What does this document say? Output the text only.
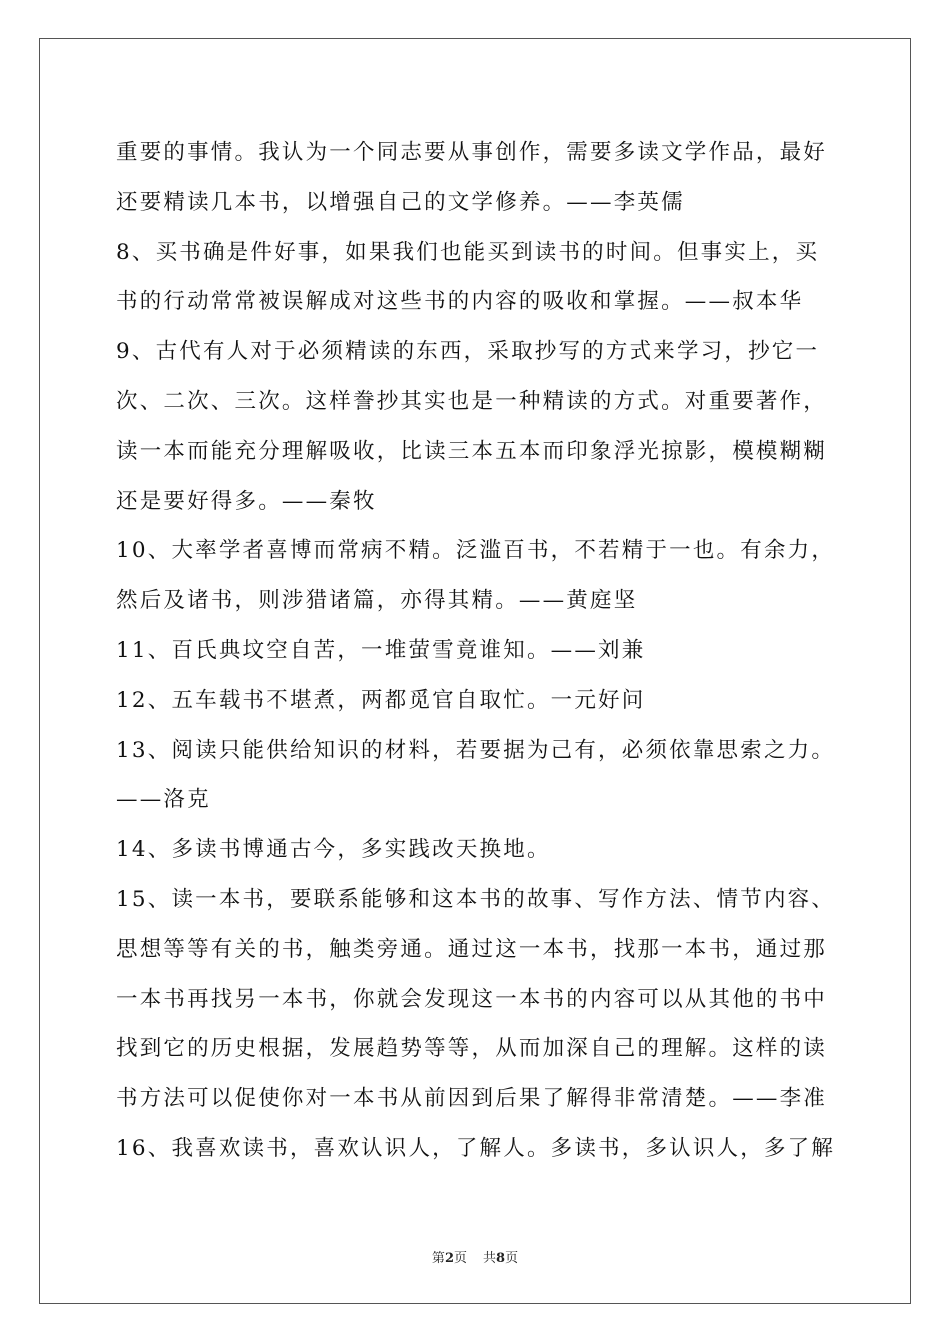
重要的事情。我认为一个同志要从事创作，需要多读文学作品，最好
还要精读几本书，以增强自己的文学修养。——李英儒
8、买书确是件好事，如果我们也能买到读书的时间。但事实上，买
书的行动常常被误解成对这些书的内容的吸收和掌握。——叔本华
9、古代有人对于必须精读的东西，采取抄写的方式来学习，抄它一
次、二次、三次。这样誊抄其实也是一种精读的方式。对重要著作，
读一本而能充分理解吸收，比读三本五本而印象浮光掠影，模模糊糊
还是要好得多。——秦牧
10、大率学者喜博而常病不精。泛滥百书，不若精于一也。有余力，
然后及诸书，则涉猎诸篇，亦得其精。——黄庭坚
11、百氏典坟空自苦，一堆萤雪竟谁知。——刘兼
12、五车载书不堪煮，两都觅官自取忙。一元好问
13、阅读只能供给知识的材料，若要据为己有，必须依靠思索之力。
——洛克
14、多读书博通古今，多实践改天换地。
15、读一本书，要联系能够和这本书的故事、写作方法、情节内容、
思想等等有关的书，触类旁通。通过这一本书，找那一本书，通过那
一本书再找另一本书，你就会发现这一本书的内容可以从其他的书中
找到它的历史根据，发展趋势等等，从而加深自己的理解。这样的读
书方法可以促使你对一本书从前因到后果了解得非常清楚。——李准
16、我喜欢读书，喜欢认识人，了解人。多读书，多认识人，多了解
第2页 共8页
